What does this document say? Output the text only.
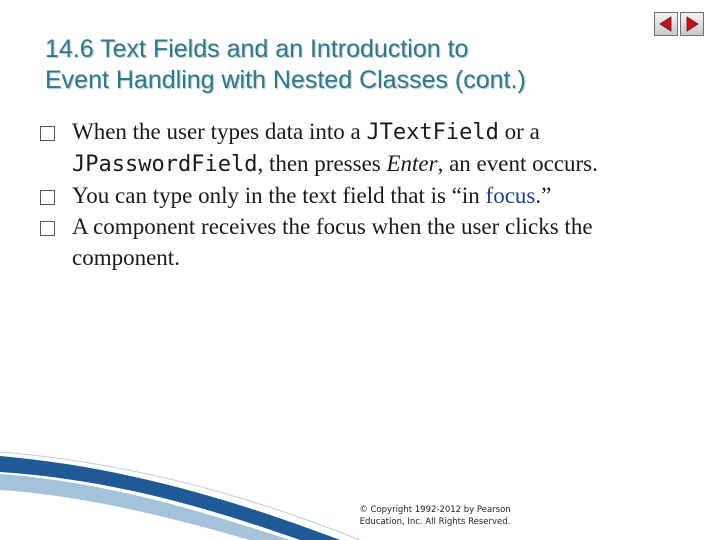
14.6 Text Fields and an Introduction to
Event Handling with Nested Classes (cont.)

When the user types data into a JTextField or a JPasswordField, then presses Enter, an event occurs.

You can type only in the text field that is “in focus.”

A component receives the focus when the user clicks the component.

© Copyright 1992-2012 by Pearson
Education, Inc. All Rights Reserved.
